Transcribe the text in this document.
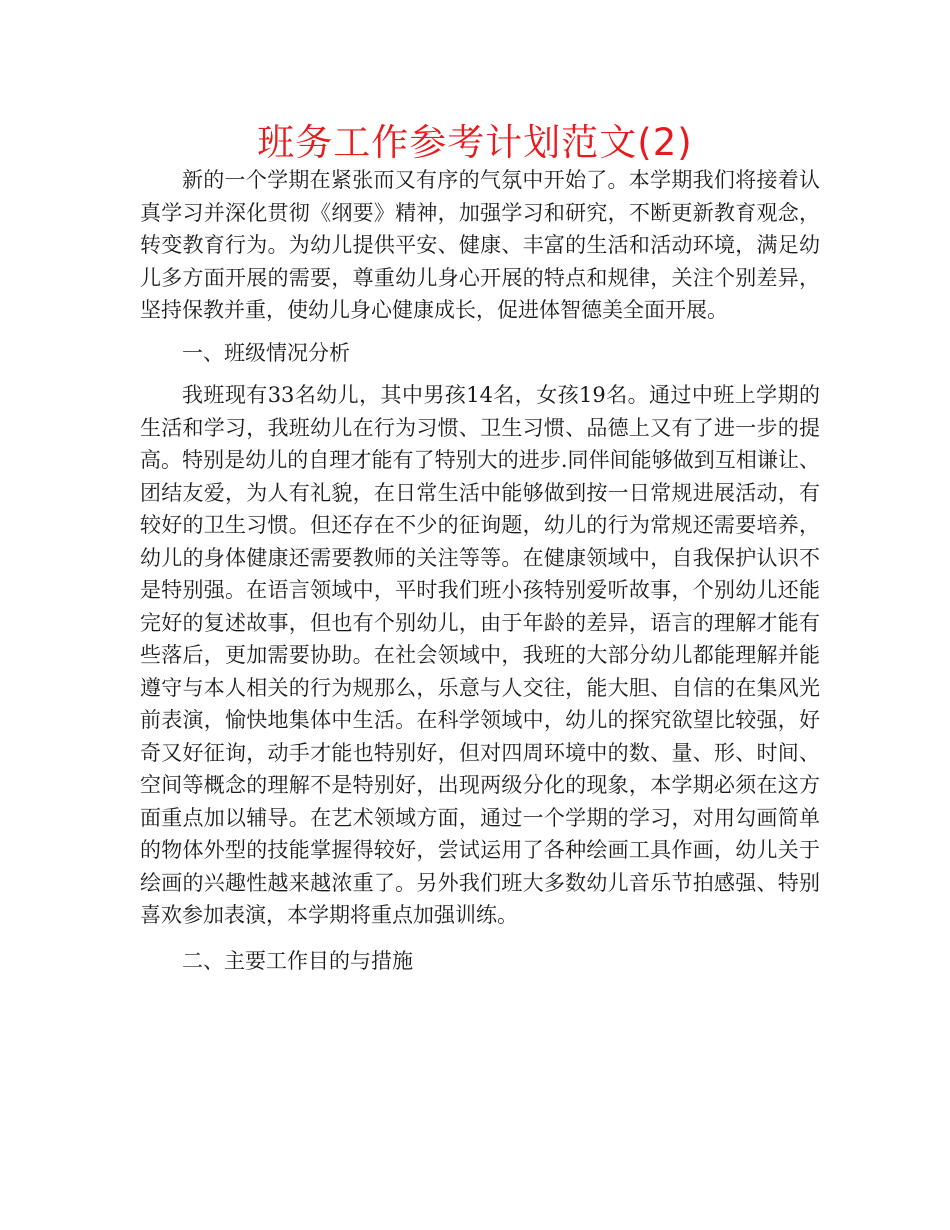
班务工作参考计划范文(2)

新的一个学期在紧张而又有序的气氛中开始了。本学期我们将接着认真学习并深化贯彻《纲要》精神，加强学习和研究，不断更新教育观念，转变教育行为。为幼儿提供平安、健康、丰富的生活和活动环境，满足幼儿多方面开展的需要，尊重幼儿身心开展的特点和规律，关注个别差异，坚持保教并重，使幼儿身心健康成长，促进体智德美全面开展。

一、班级情况分析

我班现有33名幼儿，其中男孩14名，女孩19名。通过中班上学期的生活和学习，我班幼儿在行为习惯、卫生习惯、品德上又有了进一步的提高。特别是幼儿的自理才能有了特别大的进步.同伴间能够做到互相谦让、团结友爱，为人有礼貌，在日常生活中能够做到按一日常规进展活动，有较好的卫生习惯。但还存在不少的征询题，幼儿的行为常规还需要培养，幼儿的身体健康还需要教师的关注等等。在健康领域中，自我保护认识不是特别强。在语言领域中，平时我们班小孩特别爱听故事，个别幼儿还能完好的复述故事，但也有个别幼儿，由于年龄的差异，语言的理解才能有些落后，更加需要协助。在社会领域中，我班的大部分幼儿都能理解并能遵守与本人相关的行为规那么，乐意与人交往，能大胆、自信的在集风光前表演，愉快地集体中生活。在科学领域中，幼儿的探究欲望比较强，好奇又好征询，动手才能也特别好，但对四周环境中的数、量、形、时间、空间等概念的理解不是特别好，出现两级分化的现象，本学期必须在这方面重点加以辅导。在艺术领域方面，通过一个学期的学习，对用勾画简单的物体外型的技能掌握得较好，尝试运用了各种绘画工具作画，幼儿关于绘画的兴趣性越来越浓重了。另外我们班大多数幼儿音乐节拍感强、特别喜欢参加表演，本学期将重点加强训练。

二、主要工作目的与措施
